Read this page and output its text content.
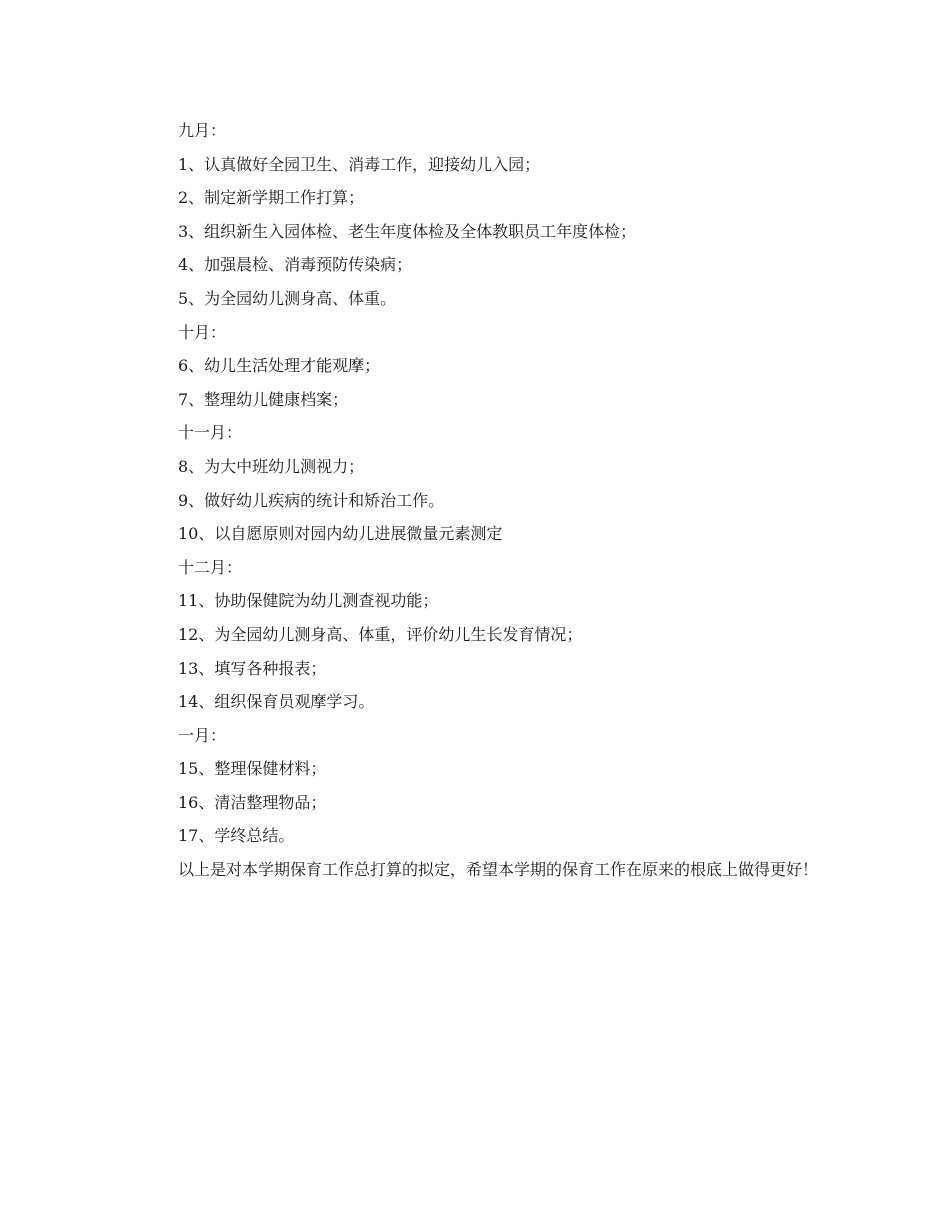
九月：
1、认真做好全园卫生、消毒工作，迎接幼儿入园；
2、制定新学期工作打算；
3、组织新生入园体检、老生年度体检及全体教职员工年度体检；
4、加强晨检、消毒预防传染病；
5、为全园幼儿测身高、体重。
十月：
6、幼儿生活处理才能观摩；
7、整理幼儿健康档案；
十一月：
8、为大中班幼儿测视力；
9、做好幼儿疾病的统计和矫治工作。
10、以自愿原则对园内幼儿进展微量元素测定
十二月：
11、协助保健院为幼儿测查视功能；
12、为全园幼儿测身高、体重，评价幼儿生长发育情况；
13、填写各种报表；
14、组织保育员观摩学习。
一月：
15、整理保健材料；
16、清洁整理物品；
17、学终总结。
以上是对本学期保育工作总打算的拟定，希望本学期的保育工作在原来的根底上做得更好！
